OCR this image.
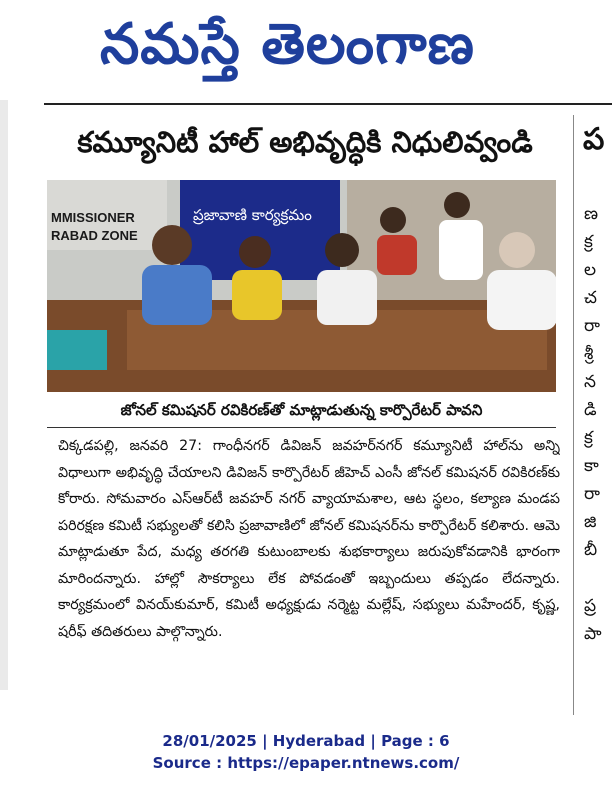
నమస్తే తెలంగాణ
కమ్యూనిటీ హాల్ అభివృద్ధికి నిధులివ్వండి	ప
MMISSIONER
RABAD ZONE
ప్రజావాణి కార్యక్రమం
జోనల్ కమిషనర్ రవికిరణ్‌తో మాట్లాడుతున్న కార్పొరేటర్ పావని
చిక్కడపల్లి, జనవరి 27: గాంధీనగర్ డివిజన్ జవహర్‌నగర్ కమ్యూనిటీ హాల్‌ను అన్ని విధాలుగా అభివృద్ధి చేయాలని డివిజన్ కార్పొరేటర్ జీహెచ్ ఎంసీ జోనల్ కమిషనర్ రవికిరణ్‌కు కోరారు. సోమవారం ఎస్‌ఆర్‌టీ జవహర్ నగర్ వ్యాయామశాల, ఆట స్థలం, కల్యాణ మండప పరిరక్షణ కమిటీ సభ్యులతో కలిసి ప్రజావాణిలో జోనల్ కమిషనర్‌ను కార్పొరేటర్ కలిశారు. ఆమె మాట్లాడుతూ పేద, మధ్య తరగతి కుటుంబాలకు శుభకార్యాలు జరుపుకోవడానికి భారంగా మారిందన్నారు. హాల్లో సౌకర్యాలు లేక పోవడంతో ఇబ్బందులు తప్పడం లేదన్నారు. కార్యక్రమంలో వినయ్‌కుమార్, కమిటీ అధ్యక్షుడు నర్మెట్ట మల్లేష్, సభ్యులు మహేందర్, కృష్ణ, షరీఫ్ తదితరులు పాల్గొన్నారు.
ణ
క్ర
ల
చ
రా
శ్రీ
న
డి
క్ర
కా
రా
జి
బీ
ప్ర
పా
28/01/2025 | Hyderabad | Page : 6
Source : https://epaper.ntnews.com/
